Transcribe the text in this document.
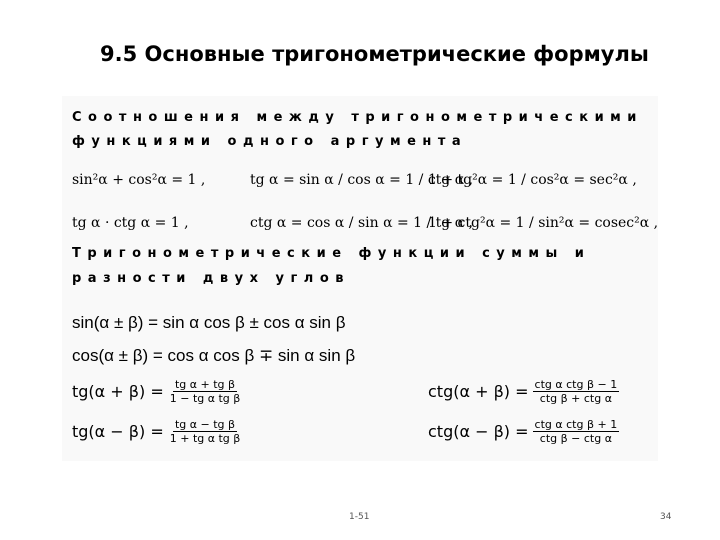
9.5 Основные тригонометрические формулы
Соотношения между тригонометрическими
функциями одного аргумента
sin²α + cos²α = 1 ,	tg α = sin α / cos α = 1 / ctg α ,
1 + tg²α = 1 / cos²α = sec²α ,
tg α · ctg α = 1 ,	ctg α = cos α / sin α = 1 / tg α ,
1 + ctg²α = 1 / sin²α = cosec²α ,
Тригонометрические функции суммы и
разности двух углов
sin(α ± β) = sin α cos β ± cos α sin β
cos(α ± β) = cos α cos β ∓ sin α sin β
$tg(\alpha + \beta) = \frac{\text{tg α + tg β}}{\text{1 − tg α tg β}}$	$ctg(\alpha + \beta) = \frac{\text{ctg α ctg β − 1}}{\text{ctg β + ctg α}}$
$tg(\alpha - \beta) = \frac{\text{tg α − tg β}}{\text{1 + tg α tg β}}$	$ctg(\alpha - \beta) = \frac{\text{ctg α ctg β + 1}}{\text{ctg β − ctg α}}$
1-51	34
